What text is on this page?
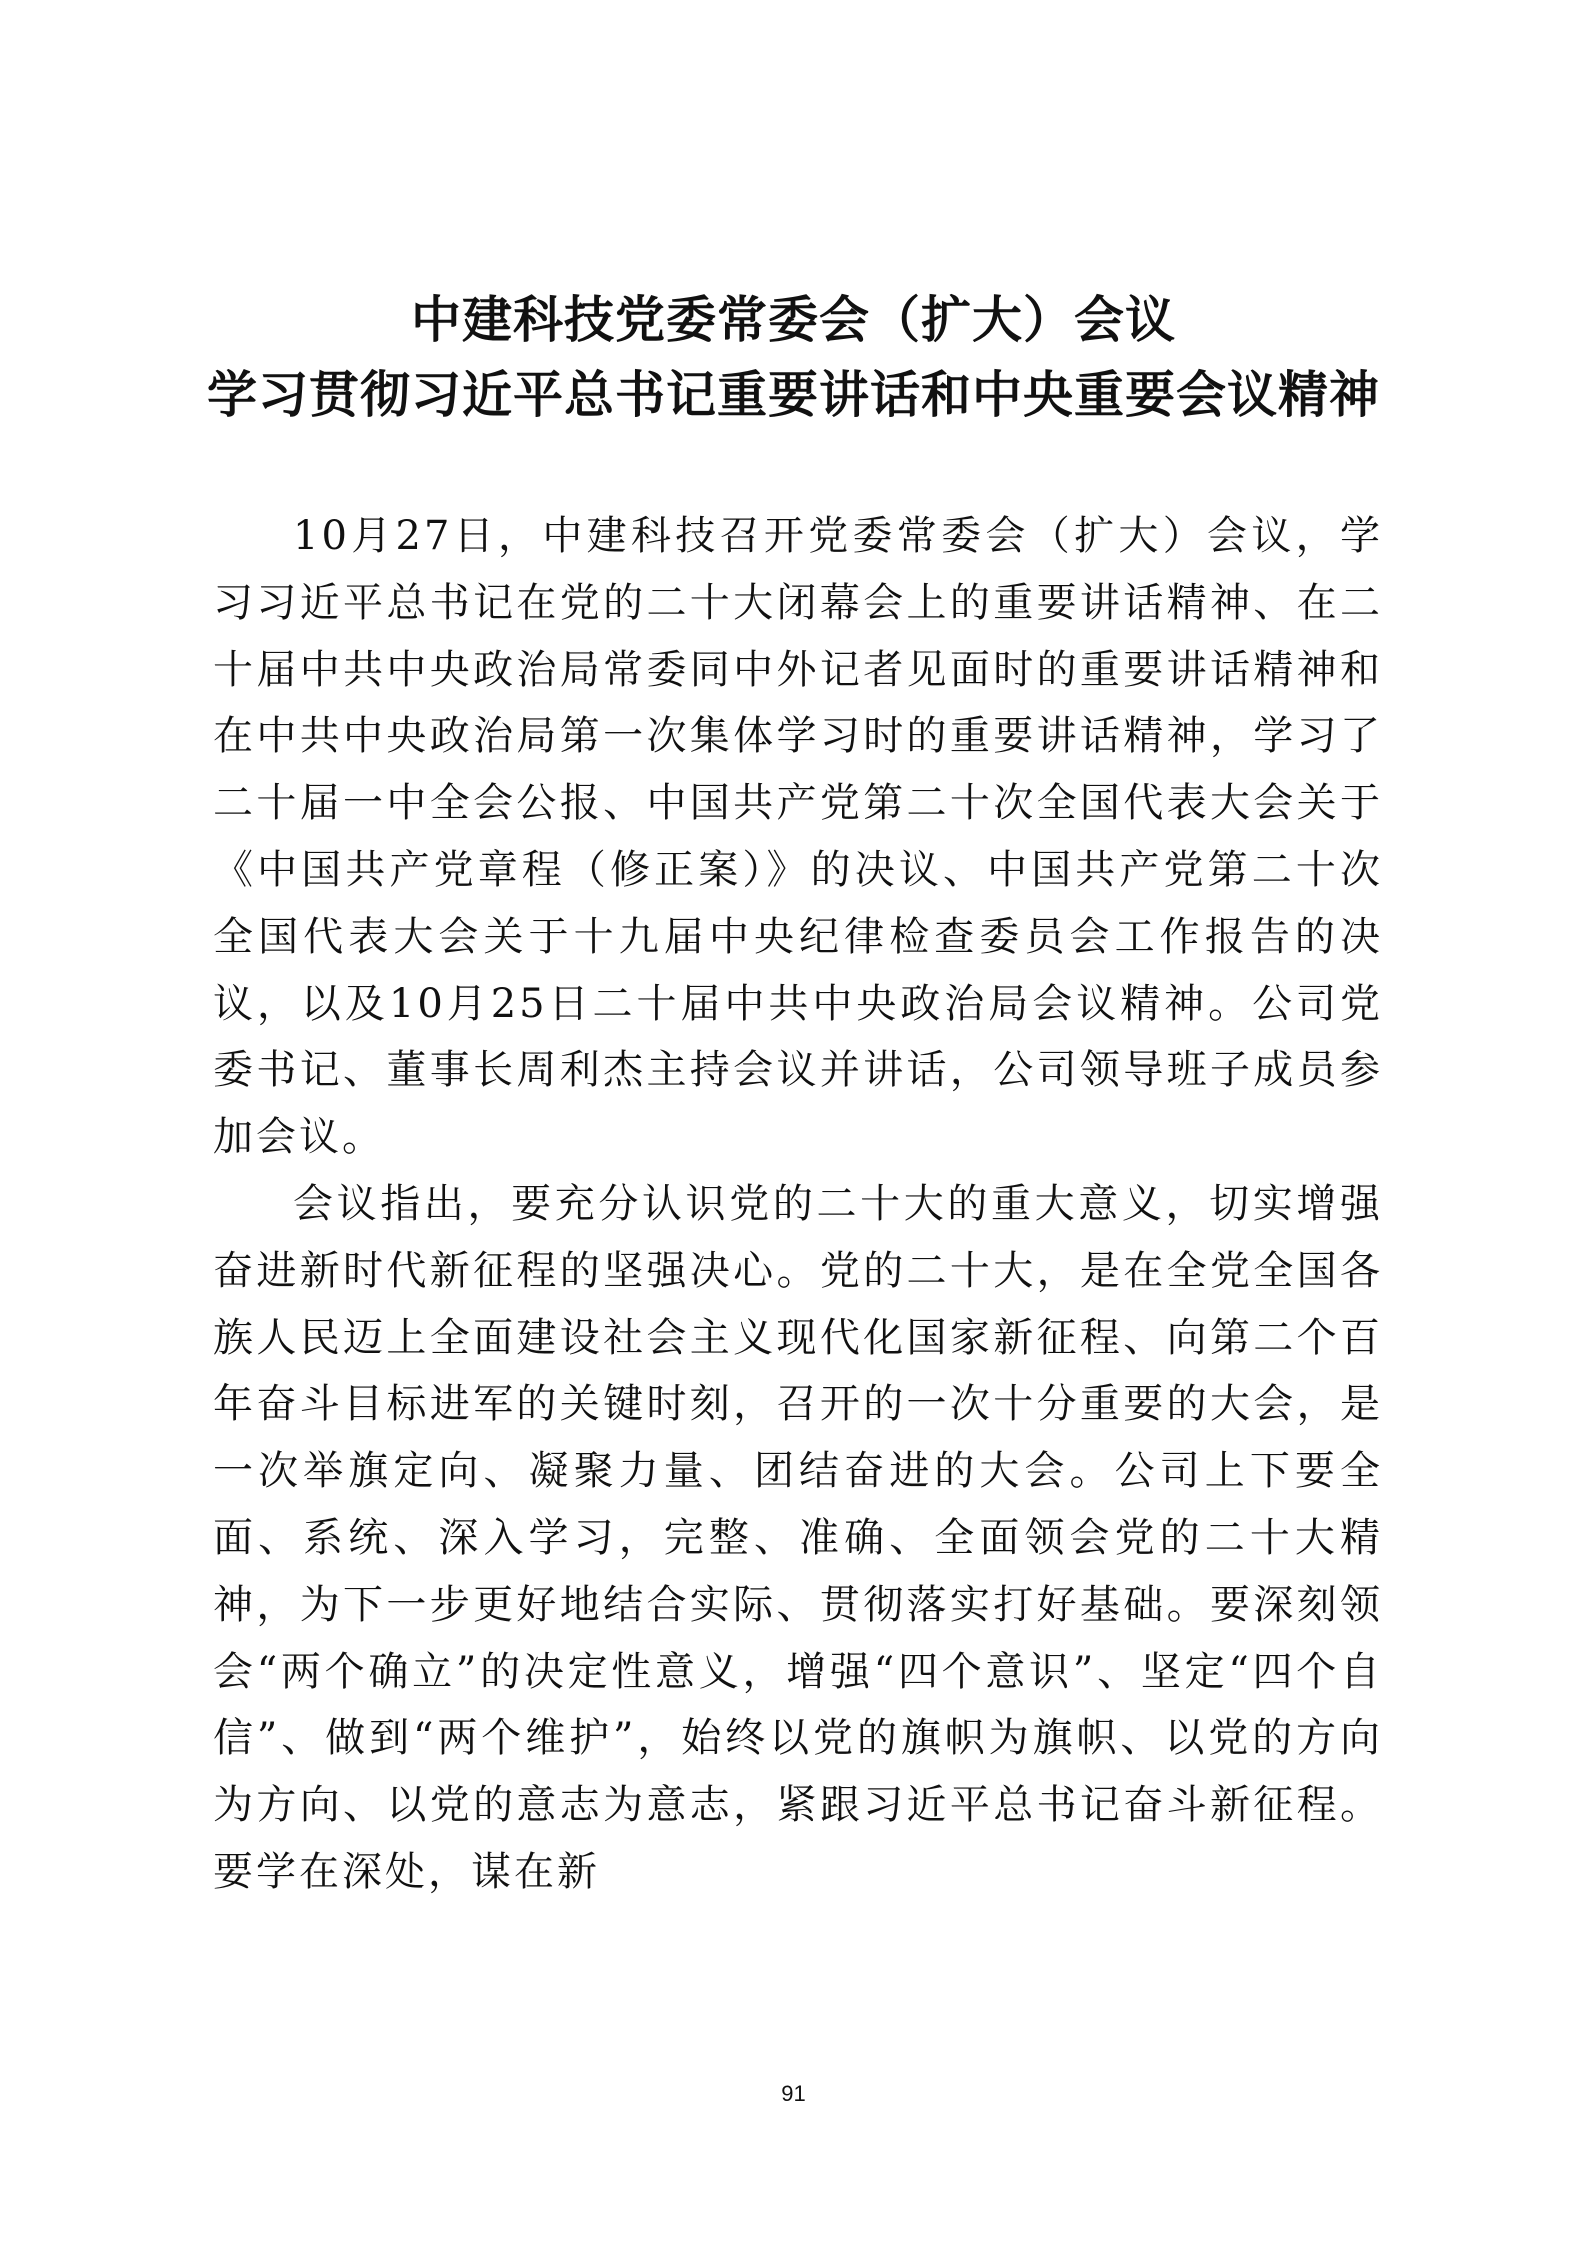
中建科技党委常委会（扩大）会议
学习贯彻习近平总书记重要讲话和中央重要会议精神

10月27日，中建科技召开党委常委会（扩大）会议，学习习近平总书记在党的二十大闭幕会上的重要讲话精神、在二十届中共中央政治局常委同中外记者见面时的重要讲话精神和在中共中央政治局第一次集体学习时的重要讲话精神，学习了二十届一中全会公报、中国共产党第二十次全国代表大会关于《中国共产党章程（修正案）》的决议、中国共产党第二十次全国代表大会关于十九届中央纪律检查委员会工作报告的决议，以及10月25日二十届中共中央政治局会议精神。公司党委书记、董事长周利杰主持会议并讲话，公司领导班子成员参加会议。

会议指出，要充分认识党的二十大的重大意义，切实增强奋进新时代新征程的坚强决心。党的二十大，是在全党全国各族人民迈上全面建设社会主义现代化国家新征程、向第二个百年奋斗目标进军的关键时刻，召开的一次十分重要的大会，是一次举旗定向、凝聚力量、团结奋进的大会。公司上下要全面、系统、深入学习，完整、准确、全面领会党的二十大精神，为下一步更好地结合实际、贯彻落实打好基础。要深刻领会“两个确立”的决定性意义，增强“四个意识”、坚定“四个自信”、做到“两个维护”，始终以党的旗帜为旗帜、以党的方向为方向、以党的意志为意志，紧跟习近平总书记奋斗新征程。要学在深处，谋在新

91
